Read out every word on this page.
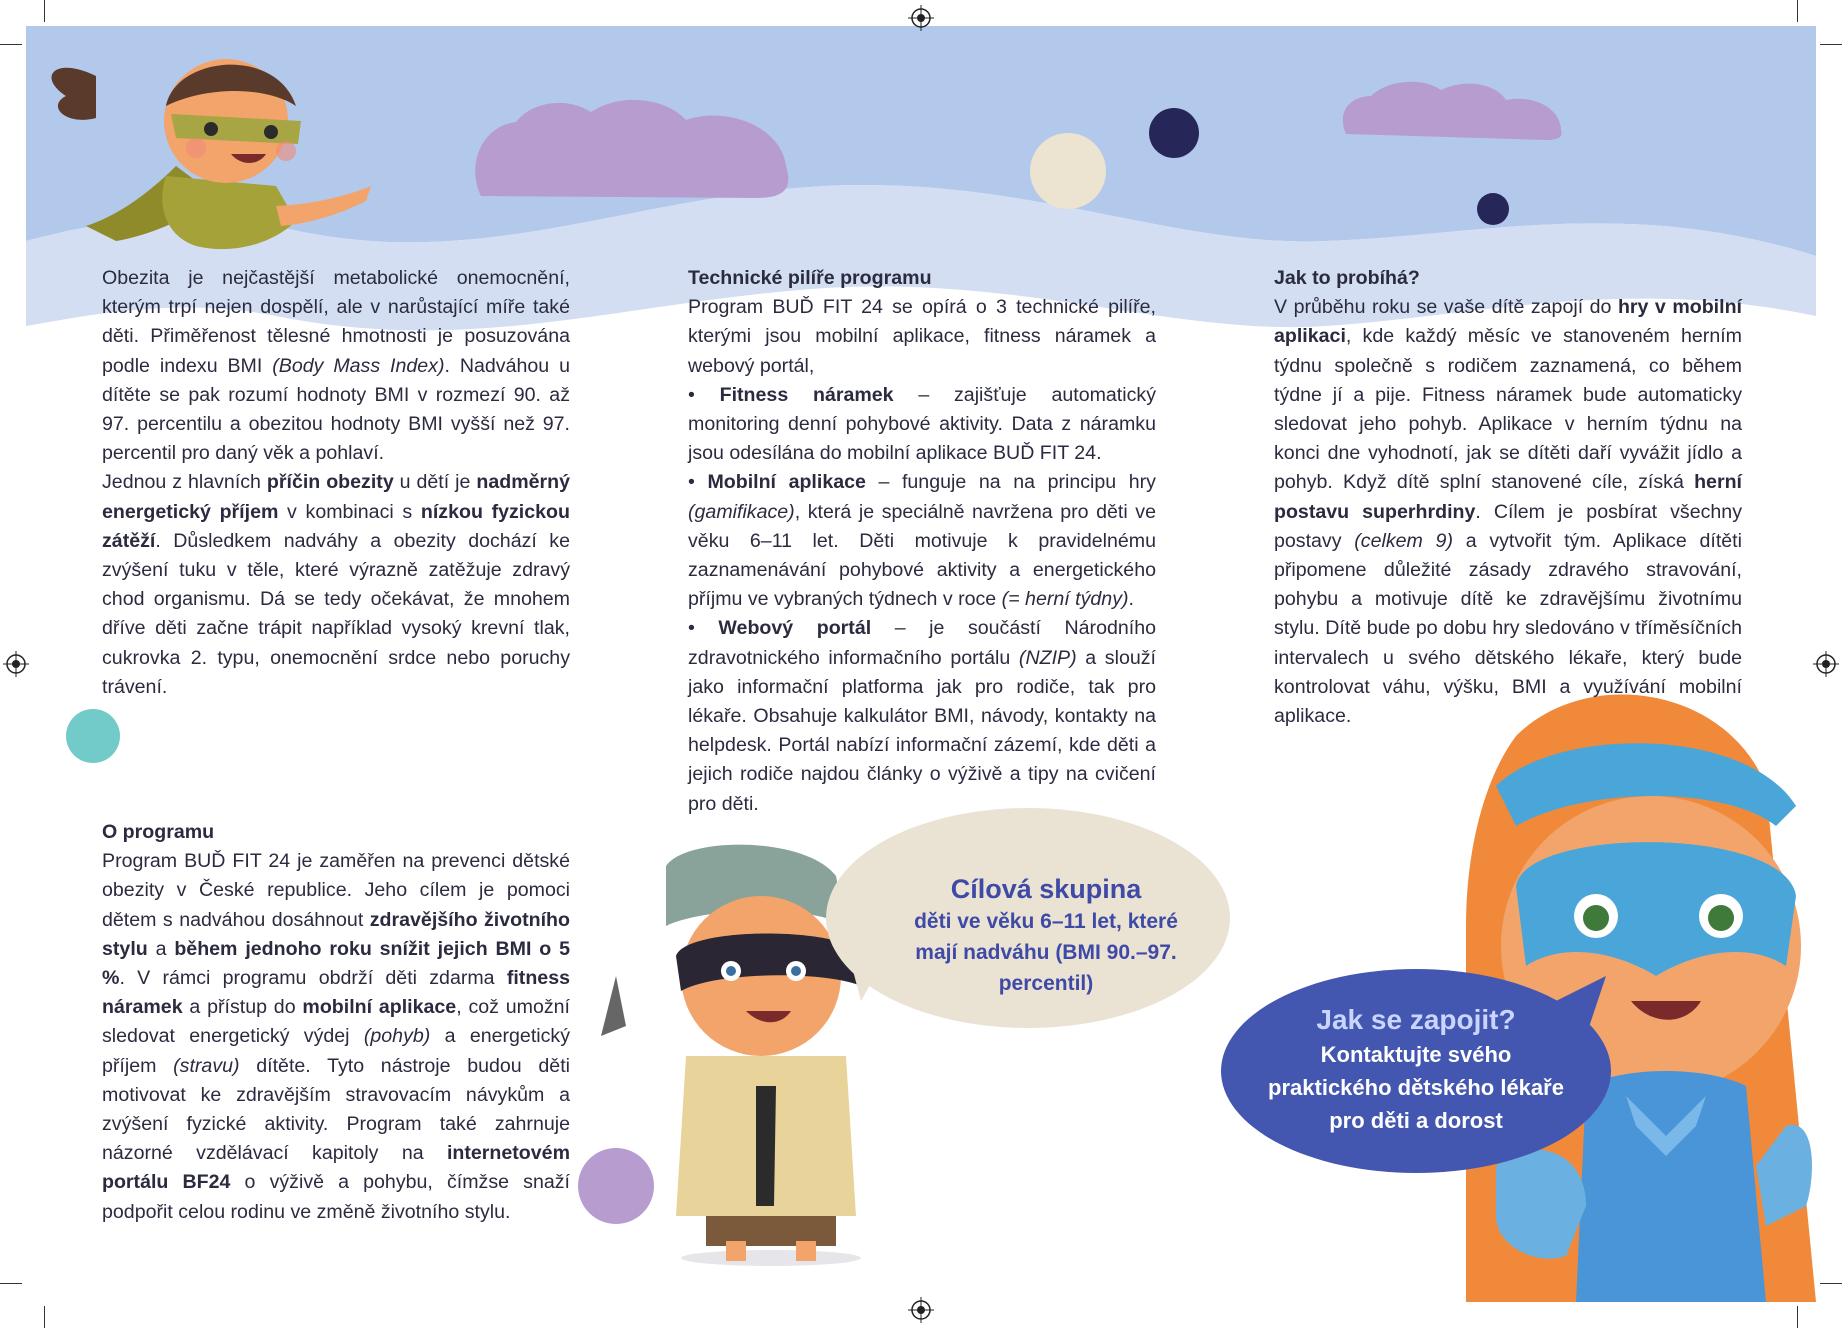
Obezita je nejčastější metabolické onemocnění, kterým trpí nejen dospělí, ale v narůstající míře také děti. Přiměřenost tělesné hmotnosti je posuzována podle indexu BMI (Body Mass Index). Nadváhou u dítěte se pak rozumí hodnoty BMI v rozmezí 90. až 97. percentilu a obezitou hodnoty BMI vyšší než 97. percentil pro daný věk a pohlaví.

Jednou z hlavních příčin obezity u dětí je nadměrný energetický příjem v kombinaci s nízkou fyzickou zátěží. Důsledkem nadváhy a obezity dochází ke zvýšení tuku v těle, které výrazně zatěžuje zdravý chod organismu. Dá se tedy očekávat, že mnohem dříve děti začne trápit například vysoký krevní tlak, cukrovka 2. typu, onemocnění srdce nebo poruchy trávení.

O programu

Program BUĎ FIT 24 je zaměřen na prevenci dětské obezity v České republice. Jeho cílem je pomoci dětem s nadváhou dosáhnout zdravějšího životního stylu a během jednoho roku snížit jejich BMI o 5 %. V rámci programu obdrží děti zdarma fitness náramek a přístup do mobilní aplikace, což umožní sledovat energetický výdej (pohyb) a energetický příjem (stravu) dítěte. Tyto nástroje budou děti motivovat ke zdravějším stravovacím návykům a zvýšení fyzické aktivity. Program také zahrnuje názorné vzdělávací kapitoly na internetovém portálu BF24 o výživě a pohybu, čímžse snaží podpořit celou rodinu ve změně životního stylu.

Technické pilíře programu

Program BUĎ FIT 24 se opírá o 3 technické pilíře, kterými jsou mobilní aplikace, fitness náramek a webový portál,

• Fitness náramek – zajišťuje automatický monitoring denní pohybové aktivity. Data z náramku jsou odesílána do mobilní aplikace BUĎ FIT 24.

• Mobilní aplikace – funguje na na principu hry (gamifikace), která je speciálně navržena pro děti ve věku 6–11 let. Děti motivuje k pravidelnému zaznamenávání pohybové aktivity a energetického příjmu ve vybraných týdnech v roce (= herní týdny).

• Webový portál – je součástí Národního zdravotnického informačního portálu (NZIP) a slouží jako informační platforma jak pro rodiče, tak pro lékaře. Obsahuje kalkulátor BMI, návody, kontakty na helpdesk. Portál nabízí informační zázemí, kde děti a jejich rodiče najdou články o výživě a tipy na cvičení pro děti.

Jak to probíhá?

V průběhu roku se vaše dítě zapojí do hry v mobilní aplikaci, kde každý měsíc ve stanoveném herním týdnu společně s rodičem zaznamená, co během týdne jí a pije. Fitness náramek bude automaticky sledovat jeho pohyb. Aplikace v herním týdnu na konci dne vyhodnotí, jak se dítěti daří vyvážit jídlo a pohyb. Když dítě splní stanovené cíle, získá herní postavu superhrdiny. Cílem je posbírat všechny postavy (celkem 9) a vytvořit tým. Aplikace dítěti připomene důležité zásady zdravého stravování, pohybu a motivuje dítě ke zdravějšímu životnímu stylu. Dítě bude po dobu hry sledováno v tříměsíčních intervalech u svého dětského lékaře, který bude kontrolovat váhu, výšku, BMI a využívání mobilní aplikace.

Cílová skupina
děti ve věku 6–11 let, které
mají nadváhu (BMI 90.–97.
percentil)
Jak se zapojit?
Kontaktujte svého
praktického dětského lékaře
pro děti a dorost
